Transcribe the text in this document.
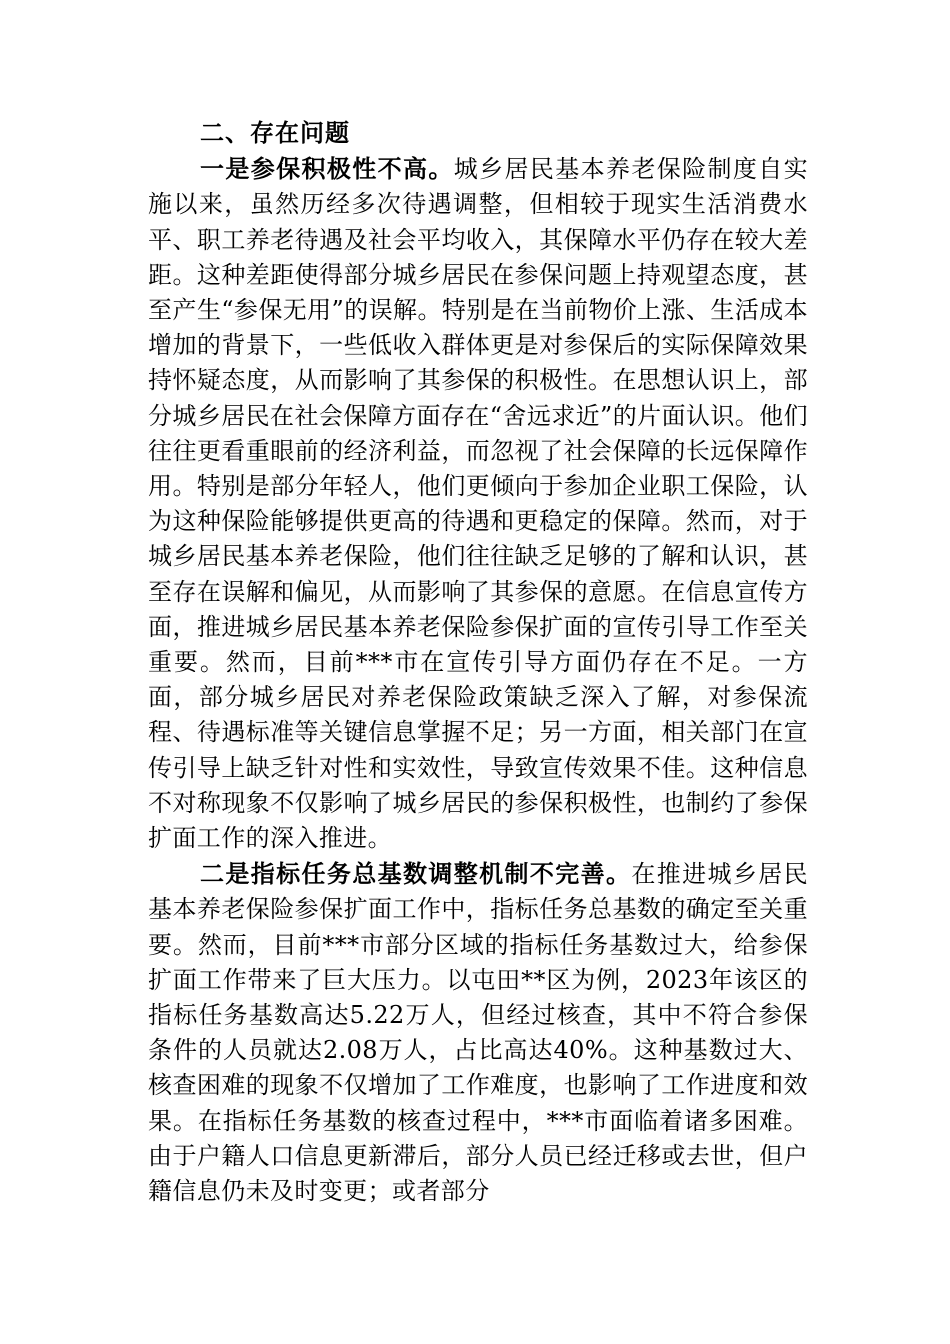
二、存在问题

一是参保积极性不高。城乡居民基本养老保险制度自实施以来，虽然历经多次待遇调整，但相较于现实生活消费水平、职工养老待遇及社会平均收入，其保障水平仍存在较大差距。这种差距使得部分城乡居民在参保问题上持观望态度，甚至产生“参保无用”的误解。特别是在当前物价上涨、生活成本增加的背景下，一些低收入群体更是对参保后的实际保障效果持怀疑态度，从而影响了其参保的积极性。在思想认识上，部分城乡居民在社会保障方面存在“舍远求近”的片面认识。他们往往更看重眼前的经济利益，而忽视了社会保障的长远保障作用。特别是部分年轻人，他们更倾向于参加企业职工保险，认为这种保险能够提供更高的待遇和更稳定的保障。然而，对于城乡居民基本养老保险，他们往往缺乏足够的了解和认识，甚至存在误解和偏见，从而影响了其参保的意愿。在信息宣传方面，推进城乡居民基本养老保险参保扩面的宣传引导工作至关重要。然而，目前***市在宣传引导方面仍存在不足。一方面，部分城乡居民对养老保险政策缺乏深入了解，对参保流程、待遇标准等关键信息掌握不足；另一方面，相关部门在宣传引导上缺乏针对性和实效性，导致宣传效果不佳。这种信息不对称现象不仅影响了城乡居民的参保积极性，也制约了参保扩面工作的深入推进。

二是指标任务总基数调整机制不完善。在推进城乡居民基本养老保险参保扩面工作中，指标任务总基数的确定至关重要。然而，目前***市部分区域的指标任务基数过大，给参保扩面工作带来了巨大压力。以屯田**区为例，2023年该区的指标任务基数高达5.22万人，但经过核查，其中不符合参保条件的人员就达2.08万人，占比高达40%。这种基数过大、核查困难的现象不仅增加了工作难度，也影响了工作进度和效果。在指标任务基数的核查过程中，***市面临着诸多困难。由于户籍人口信息更新滞后，部分人员已经迁移或去世，但户籍信息仍未及时变更；或者部分
